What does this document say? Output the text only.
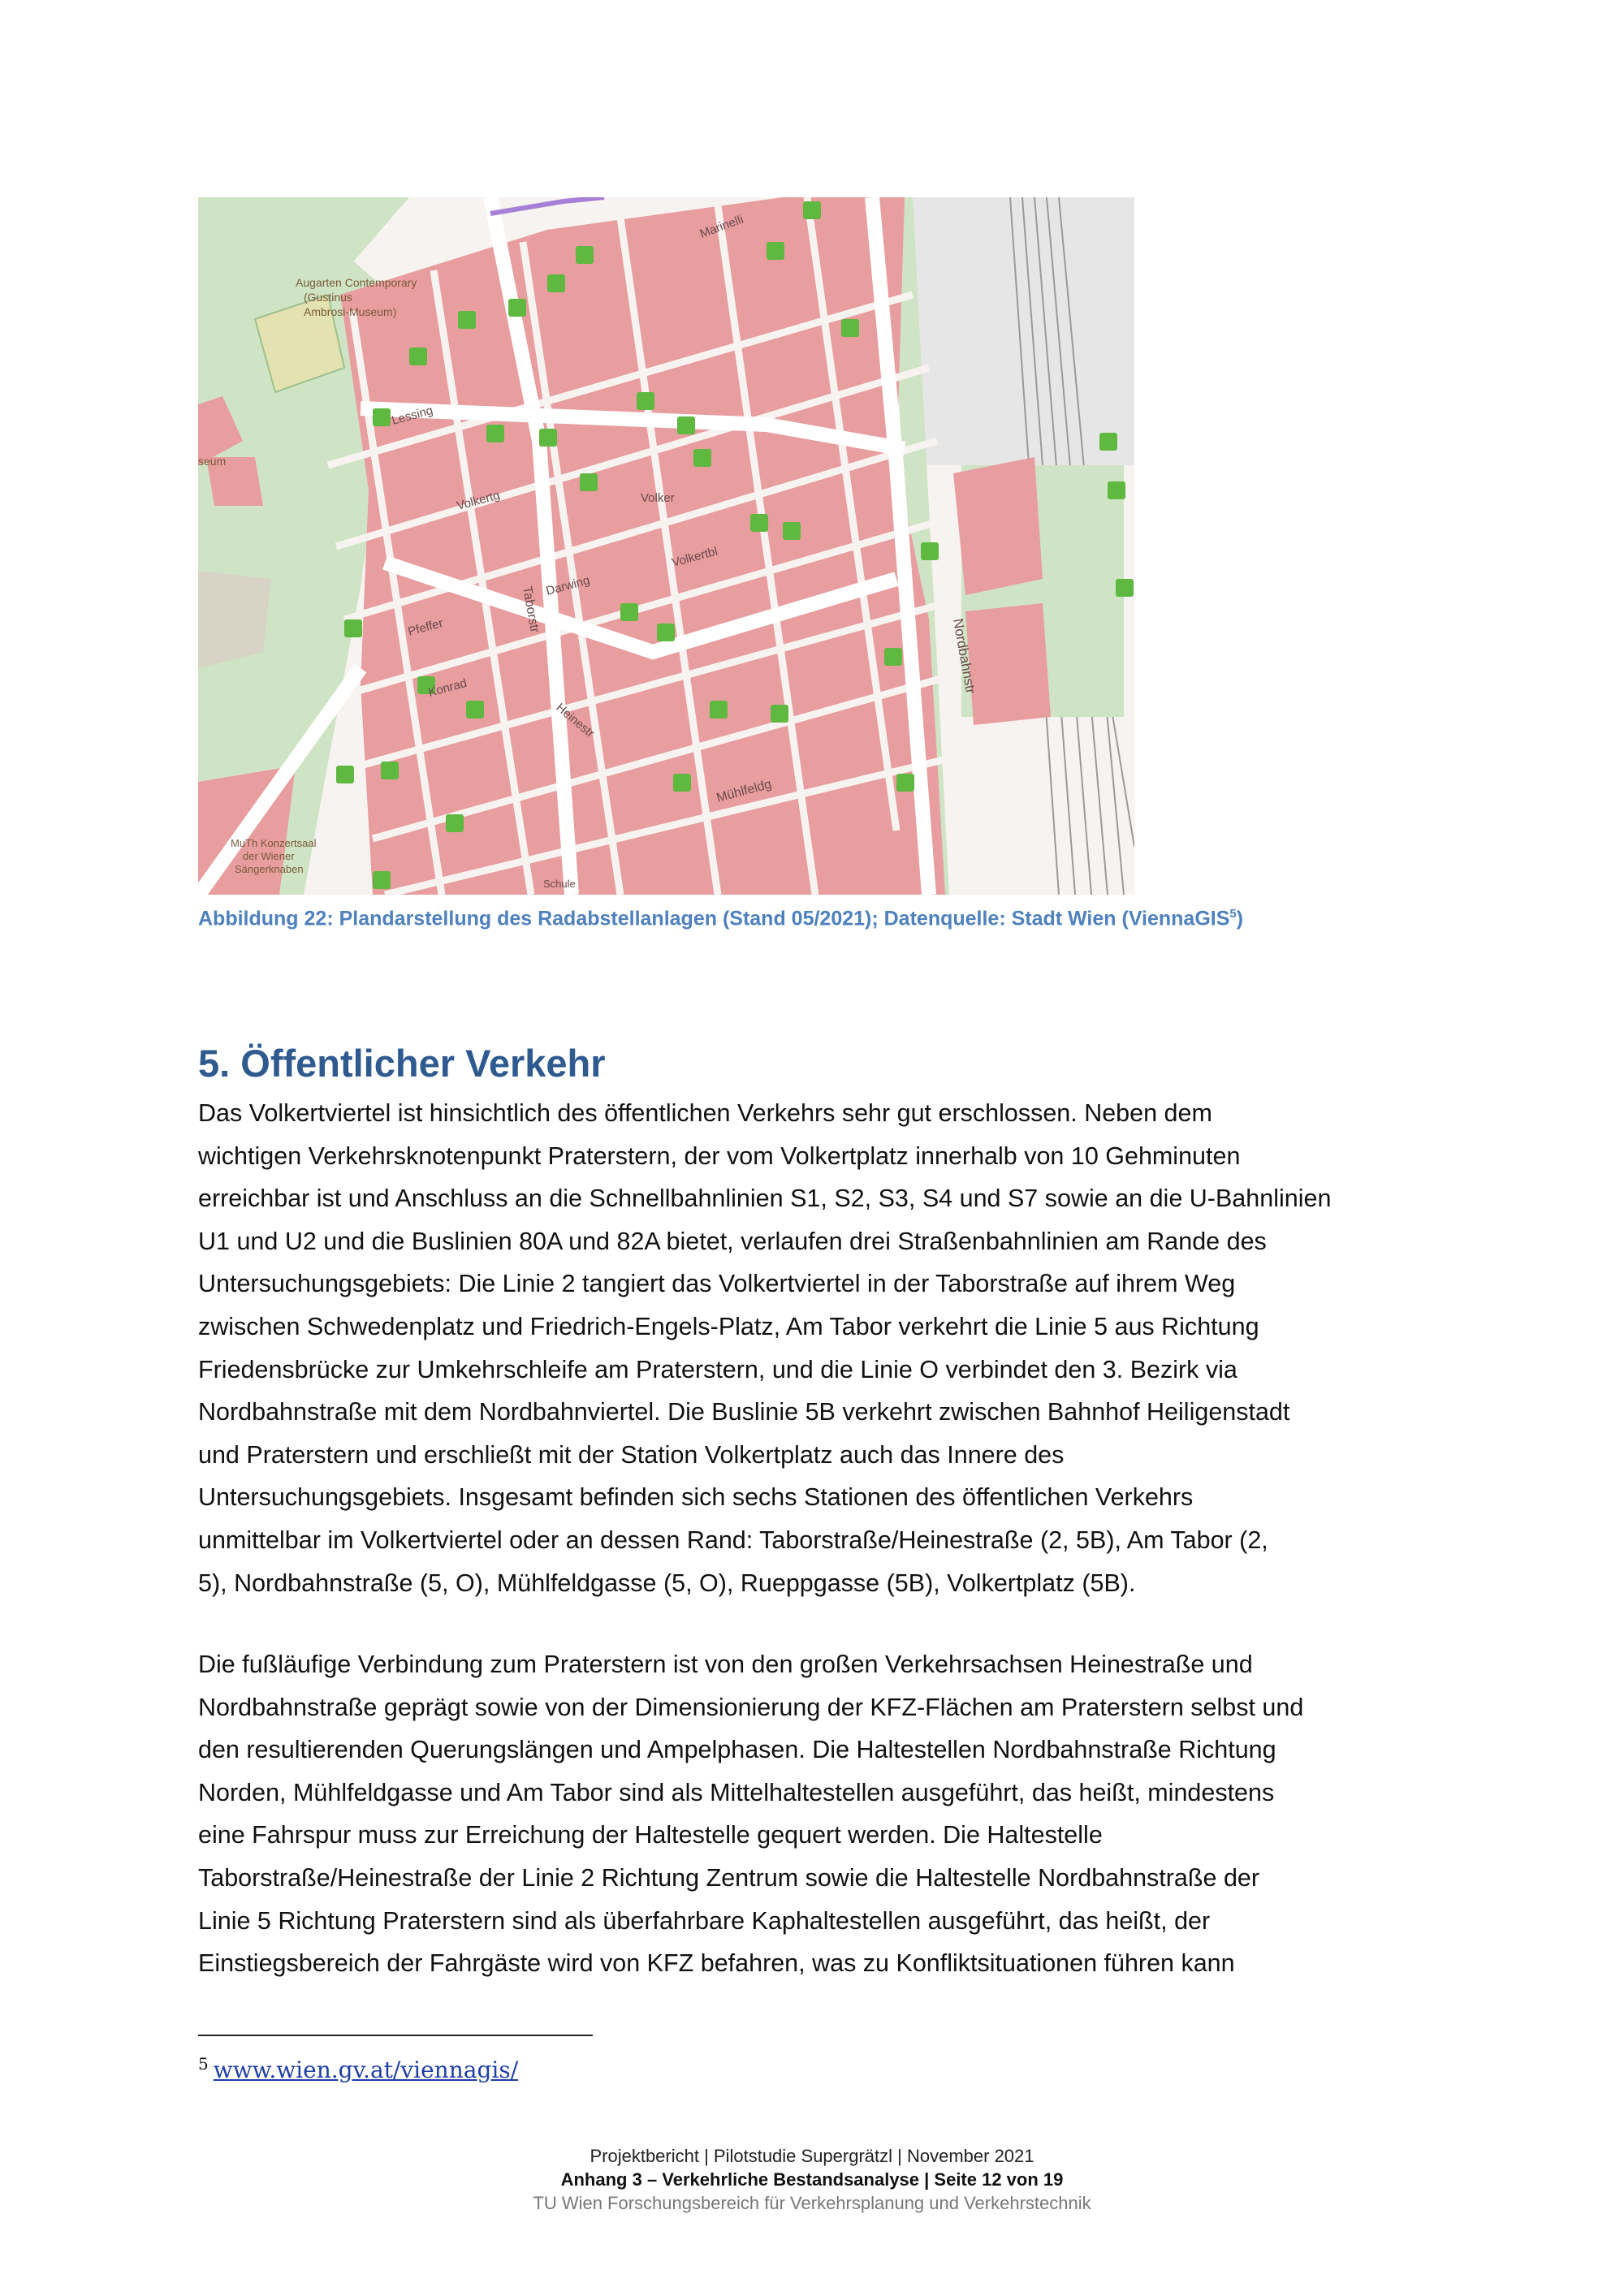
Augarten Contemporary
(Gustinus
Ambrosi-Museum)
seum
MuTh Konzertsaal
der Wiener
Sängerknaben
Marinelli
Lessing
Volkertg
Darwing
Pfeffer
Konrad
Volker
Volkertbl
Taborstr
Nordbahnstr
Mühlfeldg
Heinestr
Schule
Abbildung 22: Plandarstellung des Radabstellanlagen (Stand 05/2021); Datenquelle: Stadt Wien (ViennaGIS$^5$)
5. Öffentlicher Verkehr
Das Volkertviertel ist hinsichtlich des öffentlichen Verkehrs sehr gut erschlossen. Neben dem
wichtigen Verkehrsknotenpunkt Praterstern, der vom Volkertplatz innerhalb von 10 Gehminuten
erreichbar ist und Anschluss an die Schnellbahnlinien S1, S2, S3, S4 und S7 sowie an die U-Bahnlinien
U1 und U2 und die Buslinien 80A und 82A bietet, verlaufen drei Straßenbahnlinien am Rande des
Untersuchungsgebiets: Die Linie 2 tangiert das Volkertviertel in der Taborstraße auf ihrem Weg
zwischen Schwedenplatz und Friedrich-Engels-Platz, Am Tabor verkehrt die Linie 5 aus Richtung
Friedensbrücke zur Umkehrschleife am Praterstern, und die Linie O verbindet den 3. Bezirk via
Nordbahnstraße mit dem Nordbahnviertel. Die Buslinie 5B verkehrt zwischen Bahnhof Heiligenstadt
und Praterstern und erschließt mit der Station Volkertplatz auch das Innere des
Untersuchungsgebiets. Insgesamt befinden sich sechs Stationen des öffentlichen Verkehrs
unmittelbar im Volkertviertel oder an dessen Rand: Taborstraße/Heinestraße (2, 5B), Am Tabor (2,
5), Nordbahnstraße (5, O), Mühlfeldgasse (5, O), Rueppgasse (5B), Volkertplatz (5B).
Die fußläufige Verbindung zum Praterstern ist von den großen Verkehrsachsen Heinestraße und
Nordbahnstraße geprägt sowie von der Dimensionierung der KFZ-Flächen am Praterstern selbst und
den resultierenden Querungslängen und Ampelphasen. Die Haltestellen Nordbahnstraße Richtung
Norden, Mühlfeldgasse und Am Tabor sind als Mittelhaltestellen ausgeführt, das heißt, mindestens
eine Fahrspur muss zur Erreichung der Haltestelle gequert werden. Die Haltestelle
Taborstraße/Heinestraße der Linie 2 Richtung Zentrum sowie die Haltestelle Nordbahnstraße der
Linie 5 Richtung Praterstern sind als überfahrbare Kaphaltestellen ausgeführt, das heißt, der
Einstiegsbereich der Fahrgäste wird von KFZ befahren, was zu Konfliktsituationen führen kann
$^5$ www.wien.gv.at/viennagis/
Projektbericht | Pilotstudie Supergrätzl | November 2021
Anhang 3 – Verkehrliche Bestandsanalyse | Seite 12 von 19
TU Wien Forschungsbereich für Verkehrsplanung und Verkehrstechnik
